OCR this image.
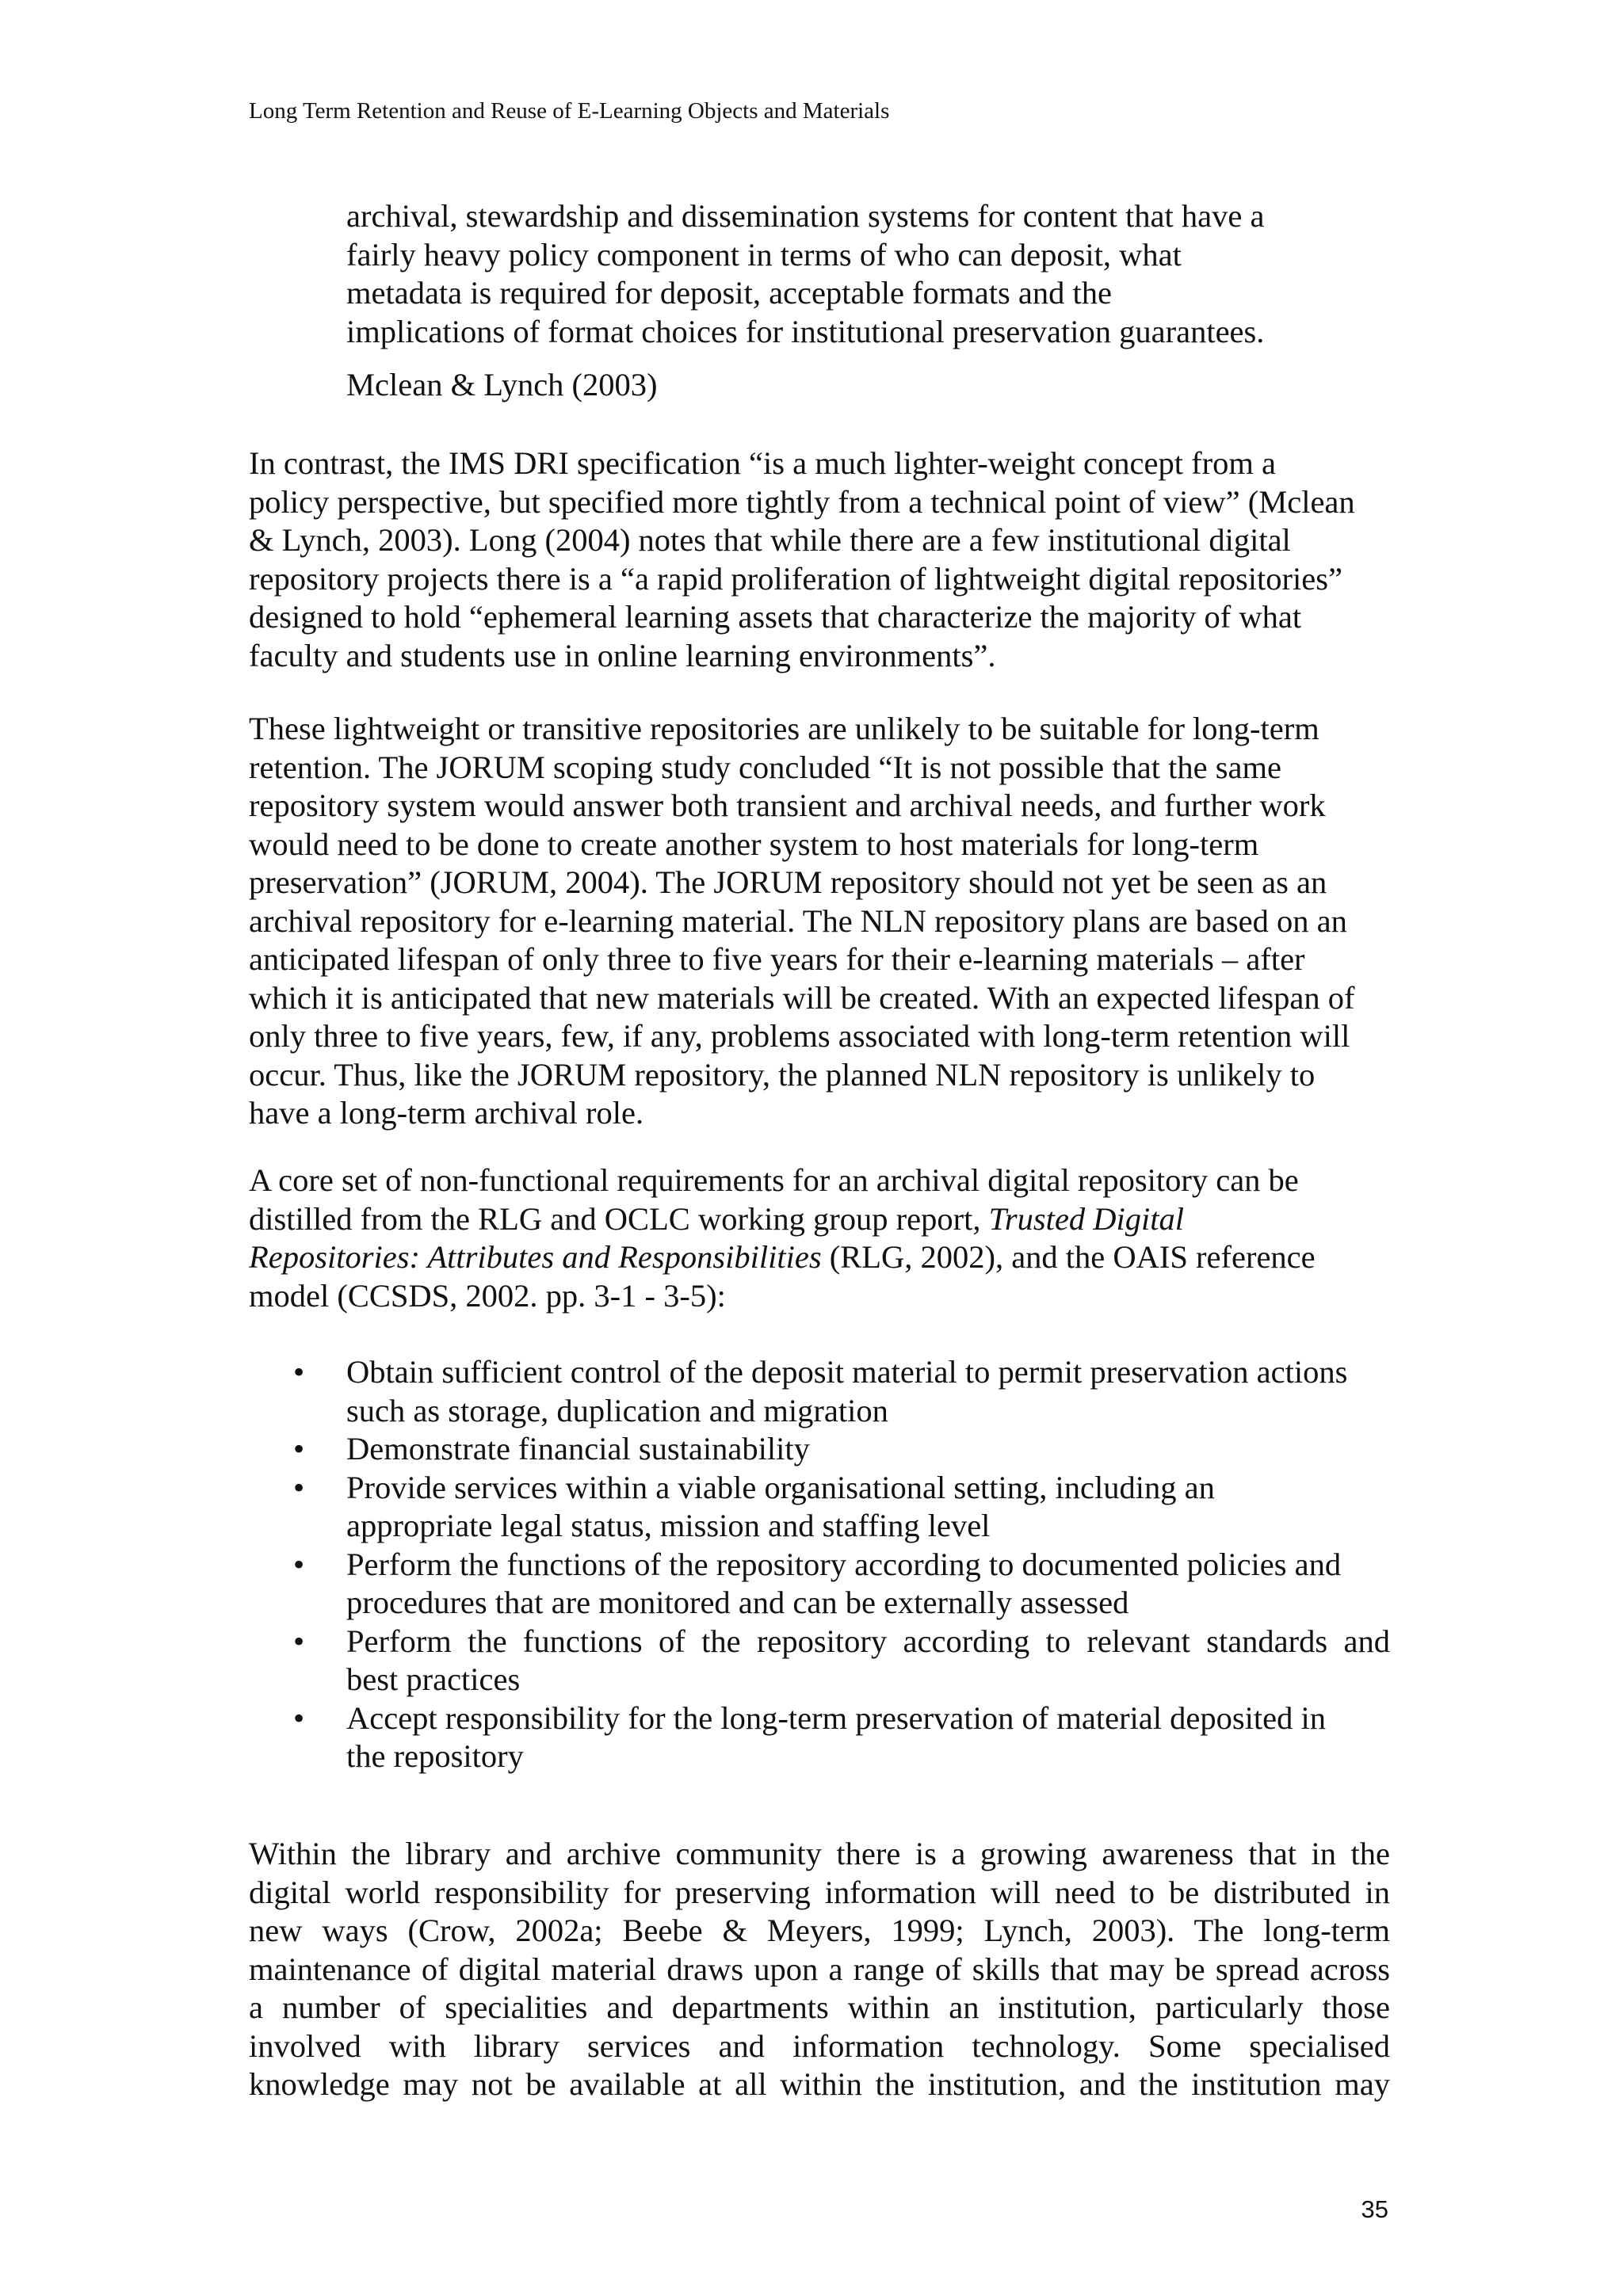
Long Term Retention and Reuse of E-Learning Objects and Materials
archival, stewardship and dissemination systems for content that have a
fairly heavy policy component in terms of who can deposit, what
metadata is required for deposit, acceptable formats and the
implications of format choices for institutional preservation guarantees.
Mclean & Lynch (2003)
In contrast, the IMS DRI specification “is a much lighter-weight concept from a
policy perspective, but specified more tightly from a technical point of view” (Mclean
& Lynch, 2003). Long (2004) notes that while there are a few institutional digital
repository projects there is a “a rapid proliferation of lightweight digital repositories”
designed to hold “ephemeral learning assets that characterize the majority of what
faculty and students use in online learning environments”.
These lightweight or transitive repositories are unlikely to be suitable for long-term
retention. The JORUM scoping study concluded “It is not possible that the same
repository system would answer both transient and archival needs, and further work
would need to be done to create another system to host materials for long-term
preservation” (JORUM, 2004). The JORUM repository should not yet be seen as an
archival repository for e-learning material. The NLN repository plans are based on an
anticipated lifespan of only three to five years for their e-learning materials – after
which it is anticipated that new materials will be created. With an expected lifespan of
only three to five years, few, if any, problems associated with long-term retention will
occur. Thus, like the JORUM repository, the planned NLN repository is unlikely to
have a long-term archival role.
A core set of non-functional requirements for an archival digital repository can be
distilled from the RLG and OCLC working group report, Trusted Digital
Repositories: Attributes and Responsibilities (RLG, 2002), and the OAIS reference
model (CCSDS, 2002. pp. 3-1 - 3-5):
• Obtain sufficient control of the deposit material to permit preservation actions
such as storage, duplication and migration
• Demonstrate financial sustainability
• Provide services within a viable organisational setting, including an
appropriate legal status, mission and staffing level
• Perform the functions of the repository according to documented policies and
procedures that are monitored and can be externally assessed
• Perform the functions of the repository according to relevant standards and
best practices
• Accept responsibility for the long-term preservation of material deposited in
the repository
Within the library and archive community there is a growing awareness that in the
digital world responsibility for preserving information will need to be distributed in
new ways (Crow, 2002a; Beebe & Meyers, 1999; Lynch, 2003). The long-term
maintenance of digital material draws upon a range of skills that may be spread across
a number of specialities and departments within an institution, particularly those
involved with library services and information technology. Some specialised
knowledge may not be available at all within the institution, and the institution may
35
